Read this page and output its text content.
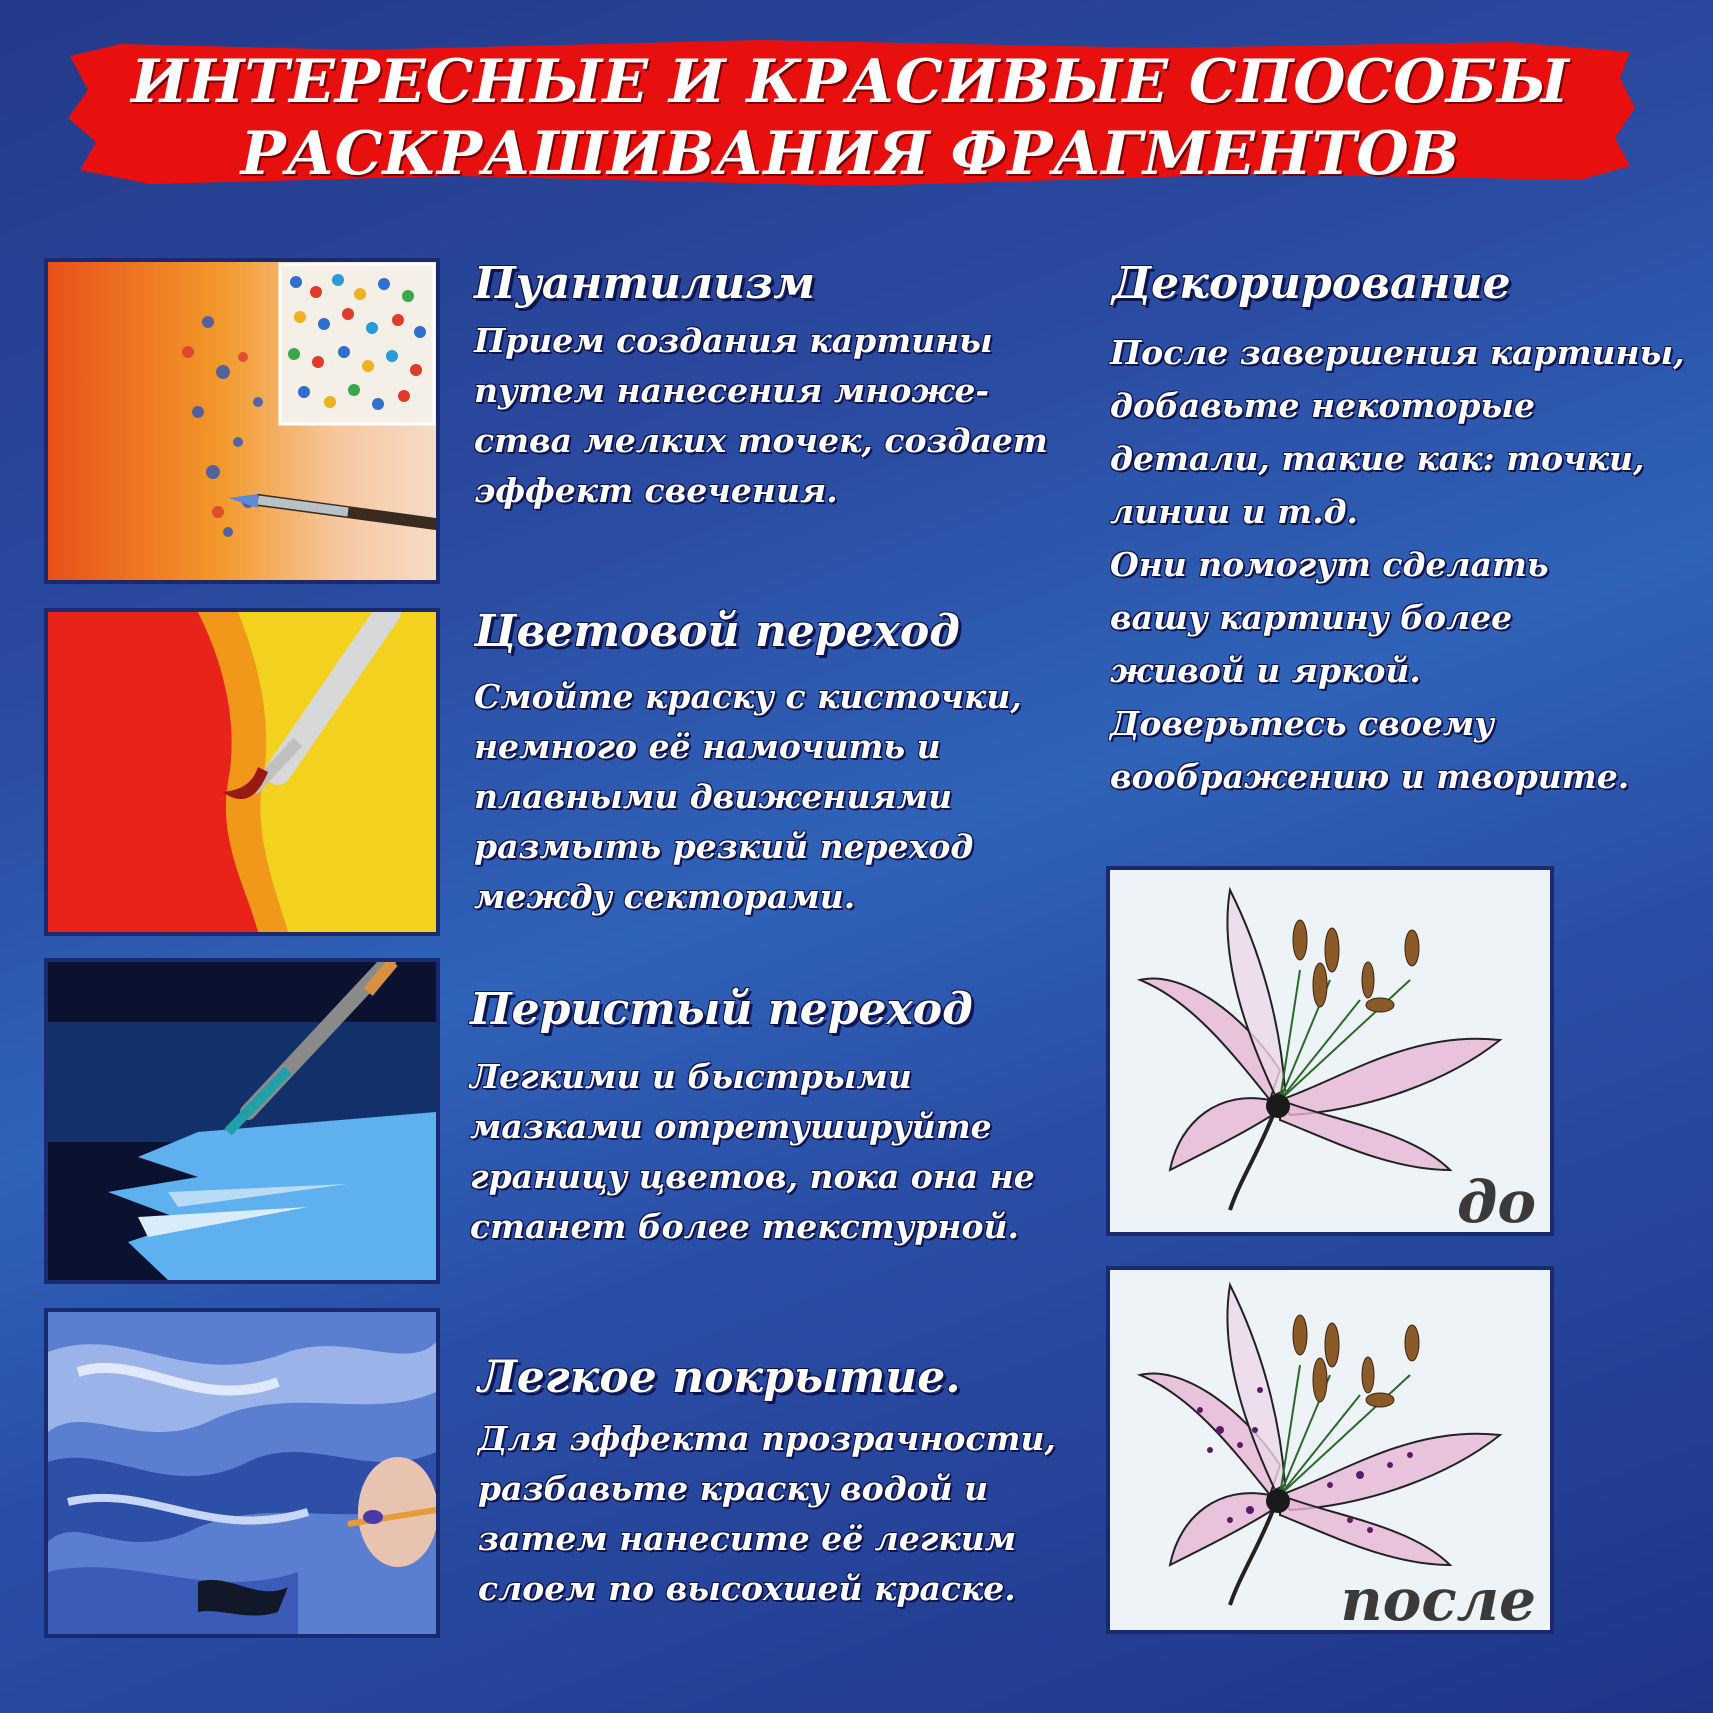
ИНТЕРЕСНЫЕ И КРАСИВЫЕ СПОСОБЫ
РАСКРАШИВАНИЯ ФРАГМЕНТОВ
Пуантилизм
Прием создания картины
путем нанесения множе-
ства мелких точек, создает
эффект свечения.
Цветовой переход
Смойте краску с кисточки,
немного её намочить и
плавными движениями
размыть резкий переход
между секторами.
Перистый переход
Легкими и быстрыми
мазками отретушируйте
границу цветов, пока она не
станет более текстурной.
Легкое покрытие.
Для эффекта прозрачности,
разбавьте краску водой и
затем нанесите её легким
слоем по высохшей краске.
Декорирование
После завершения картины,
добавьте некоторые
детали, такие как: точки,
линии и т.д.
Они помогут сделать
вашу картину более
живой и яркой.
Доверьтесь своему
воображению и творите.
до
после
